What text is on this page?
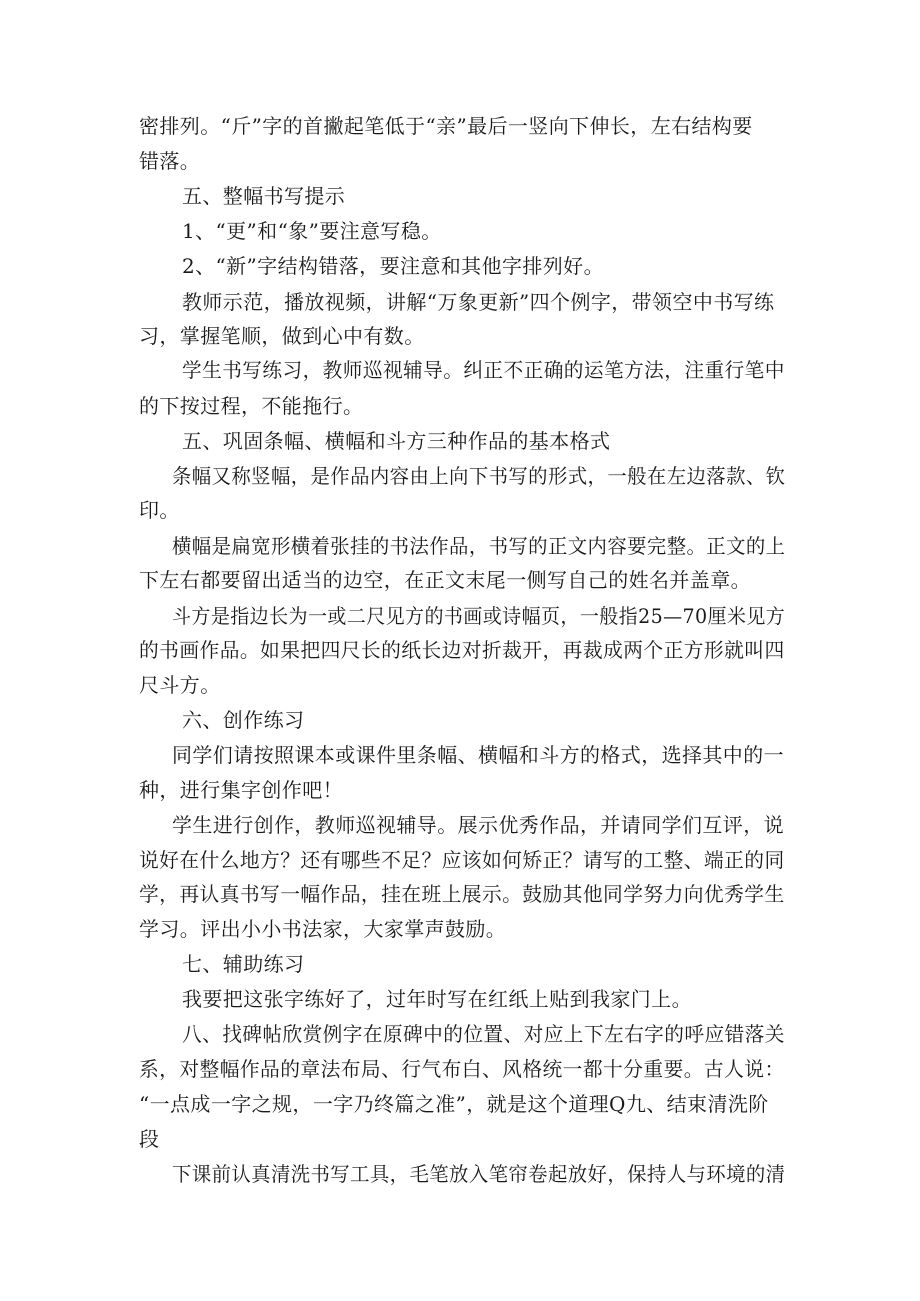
密排列。“斤”字的首撇起笔低于“亲”最后一竖向下伸长，左右结构要
错落。
五、整幅书写提示
1、“更”和“象”要注意写稳。
2、“新”字结构错落，要注意和其他字排列好。
教师示范，播放视频，讲解“万象更新”四个例字，带领空中书写练
习，掌握笔顺，做到心中有数。
学生书写练习，教师巡视辅导。纠正不正确的运笔方法，注重行笔中
的下按过程，不能拖行。
五、巩固条幅、横幅和斗方三种作品的基本格式
条幅又称竖幅，是作品内容由上向下书写的形式，一般在左边落款、钦
印。
横幅是扁宽形横着张挂的书法作品，书写的正文内容要完整。正文的上
下左右都要留出适当的边空，在正文末尾一侧写自己的姓名并盖章。
斗方是指边长为一或二尺见方的书画或诗幅页，一般指25—70厘米见方
的书画作品。如果把四尺长的纸长边对折裁开，再裁成两个正方形就叫四
尺斗方。
六、创作练习
同学们请按照课本或课件里条幅、横幅和斗方的格式，选择其中的一
种，进行集字创作吧！
学生进行创作，教师巡视辅导。展示优秀作品，并请同学们互评，说
说好在什么地方？还有哪些不足？应该如何矫正？请写的工整、端正的同
学，再认真书写一幅作品，挂在班上展示。鼓励其他同学努力向优秀学生
学习。评出小小书法家，大家掌声鼓励。
七、辅助练习
我要把这张字练好了，过年时写在红纸上贴到我家门上。
八、找碑帖欣赏例字在原碑中的位置、对应上下左右字的呼应错落关
系，对整幅作品的章法布局、行气布白、风格统一都十分重要。古人说：
“一点成一字之规，一字乃终篇之准”，就是这个道理Q九、结束清洗阶
段
下课前认真清洗书写工具，毛笔放入笔帘卷起放好，保持人与环境的清
